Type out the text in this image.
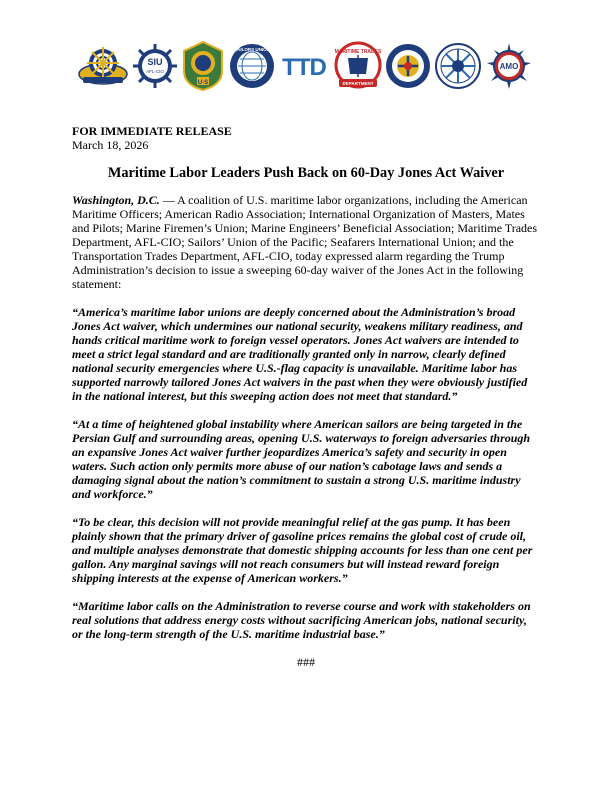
SIU
AFL-CIO
U·S
SAILORS UNION
TTD
MARITIME TRADES
DEPARTMENT
AMO

FOR IMMEDIATE RELEASE

March 18, 2026

Maritime Labor Leaders Push Back on 60-Day Jones Act Waiver

Washington, D.C. — A coalition of U.S. maritime labor organizations, including the American Maritime Officers; American Radio Association; International Organization of Masters, Mates and Pilots; Marine Firemen’s Union; Marine Engineers’ Beneficial Association; Maritime Trades Department, AFL-CIO; Sailors’ Union of the Pacific; Seafarers International Union; and the Transportation Trades Department, AFL-CIO, today expressed alarm regarding the Trump Administration’s decision to issue a sweeping 60-day waiver of the Jones Act in the following statement:

“America’s maritime labor unions are deeply concerned about the Administration’s broad Jones Act waiver, which undermines our national security, weakens military readiness, and hands critical maritime work to foreign vessel operators. Jones Act waivers are intended to meet a strict legal standard and are traditionally granted only in narrow, clearly defined national security emergencies where U.S.-flag capacity is unavailable. Maritime labor has supported narrowly tailored Jones Act waivers in the past when they were obviously justified in the national interest, but this sweeping action does not meet that standard.”

“At a time of heightened global instability where American sailors are being targeted in the Persian Gulf and surrounding areas, opening U.S. waterways to foreign adversaries through an expansive Jones Act waiver further jeopardizes America’s safety and security in open waters. Such action only permits more abuse of our nation’s cabotage laws and sends a damaging signal about the nation’s commitment to sustain a strong U.S. maritime industry and workforce.”

“To be clear, this decision will not provide meaningful relief at the gas pump. It has been plainly shown that the primary driver of gasoline prices remains the global cost of crude oil, and multiple analyses demonstrate that domestic shipping accounts for less than one cent per gallon. Any marginal savings will not reach consumers but will instead reward foreign shipping interests at the expense of American workers.”

“Maritime labor calls on the Administration to reverse course and work with stakeholders on real solutions that address energy costs without sacrificing American jobs, national security, or the long-term strength of the U.S. maritime industrial base.”

###
